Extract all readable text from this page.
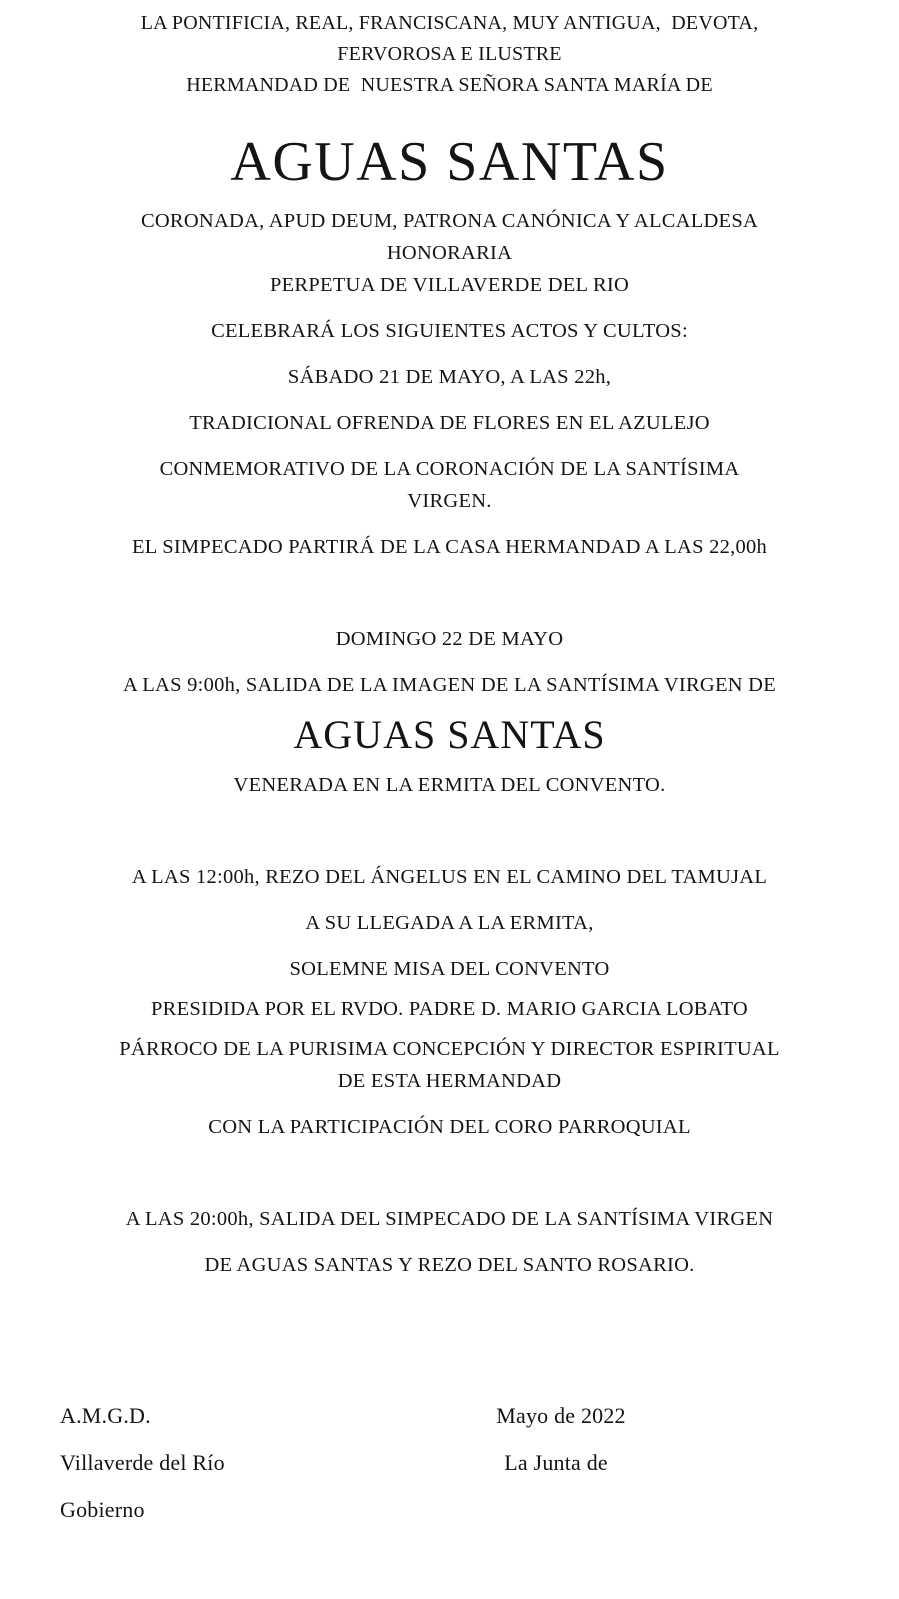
LA PONTIFICIA, REAL, FRANCISCANA, MUY ANTIGUA,  DEVOTA,
FERVOROSA E ILUSTRE
HERMANDAD DE  NUESTRA SEÑORA SANTA MARÍA DE
AGUAS SANTAS
CORONADA, APUD DEUM, PATRONA CANÓNICA Y ALCALDESA
HONORARIA
PERPETUA DE VILLAVERDE DEL RIO
CELEBRARÁ LOS SIGUIENTES ACTOS Y CULTOS:
SÁBADO 21 DE MAYO, A LAS 22h,
TRADICIONAL OFRENDA DE FLORES EN EL AZULEJO
CONMEMORATIVO DE LA CORONACIÓN DE LA SANTÍSIMA
VIRGEN.
EL SIMPECADO PARTIRÁ DE LA CASA HERMANDAD A LAS 22,00h
DOMINGO 22 DE MAYO
A LAS 9:00h, SALIDA DE LA IMAGEN DE LA SANTÍSIMA VIRGEN DE
AGUAS SANTAS
VENERADA EN LA ERMITA DEL CONVENTO.
A LAS 12:00h, REZO DEL ÁNGELUS EN EL CAMINO DEL TAMUJAL
A SU LLEGADA A LA ERMITA,
SOLEMNE MISA DEL CONVENTO
PRESIDIDA POR EL RVDO. PADRE D. MARIO GARCIA LOBATO
PÁRROCO DE LA PURISIMA CONCEPCIÓN Y DIRECTOR ESPIRITUAL
DE ESTA HERMANDAD
CON LA PARTICIPACIÓN DEL CORO PARROQUIAL
A LAS 20:00h, SALIDA DEL SIMPECADO DE LA SANTÍSIMA VIRGEN
DE AGUAS SANTAS Y REZO DEL SANTO ROSARIO.
A.M.G.D.
Villaverde del Río
Gobierno
Mayo de 2022
La Junta de
